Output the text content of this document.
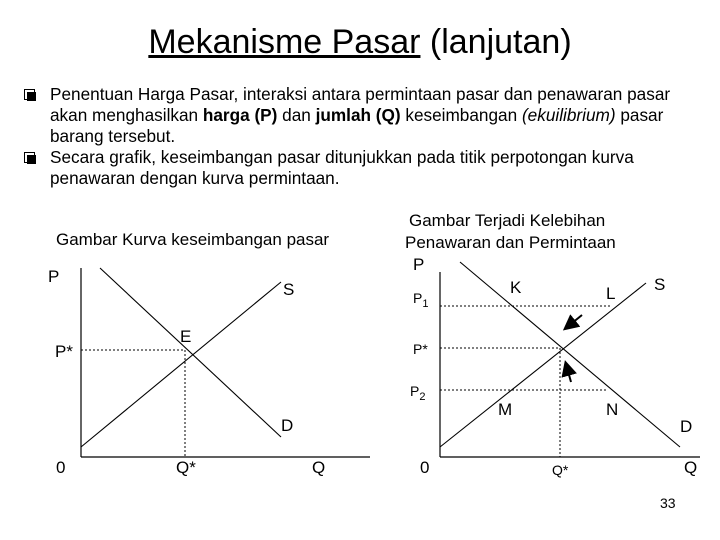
Mekanisme Pasar (lanjutan)
Penentuan Harga Pasar, interaksi antara permintaan pasar dan penawaran pasar akan menghasilkan harga (P) dan jumlah (Q) keseimbangan (ekuilibrium) pasar barang tersebut.
Secara grafik, keseimbangan pasar ditunjukkan pada titik perpotongan kurva penawaran dengan kurva permintaan.
Gambar Kurva keseimbangan pasar
P
S
E
P*
D
0	Q*	Q
Gambar Terjadi Kelebihan
Penawaran dan Permintaan
P
K	L S
$P_1$
P*
$P_2$
M	N
D
0	Q*	Q
33
